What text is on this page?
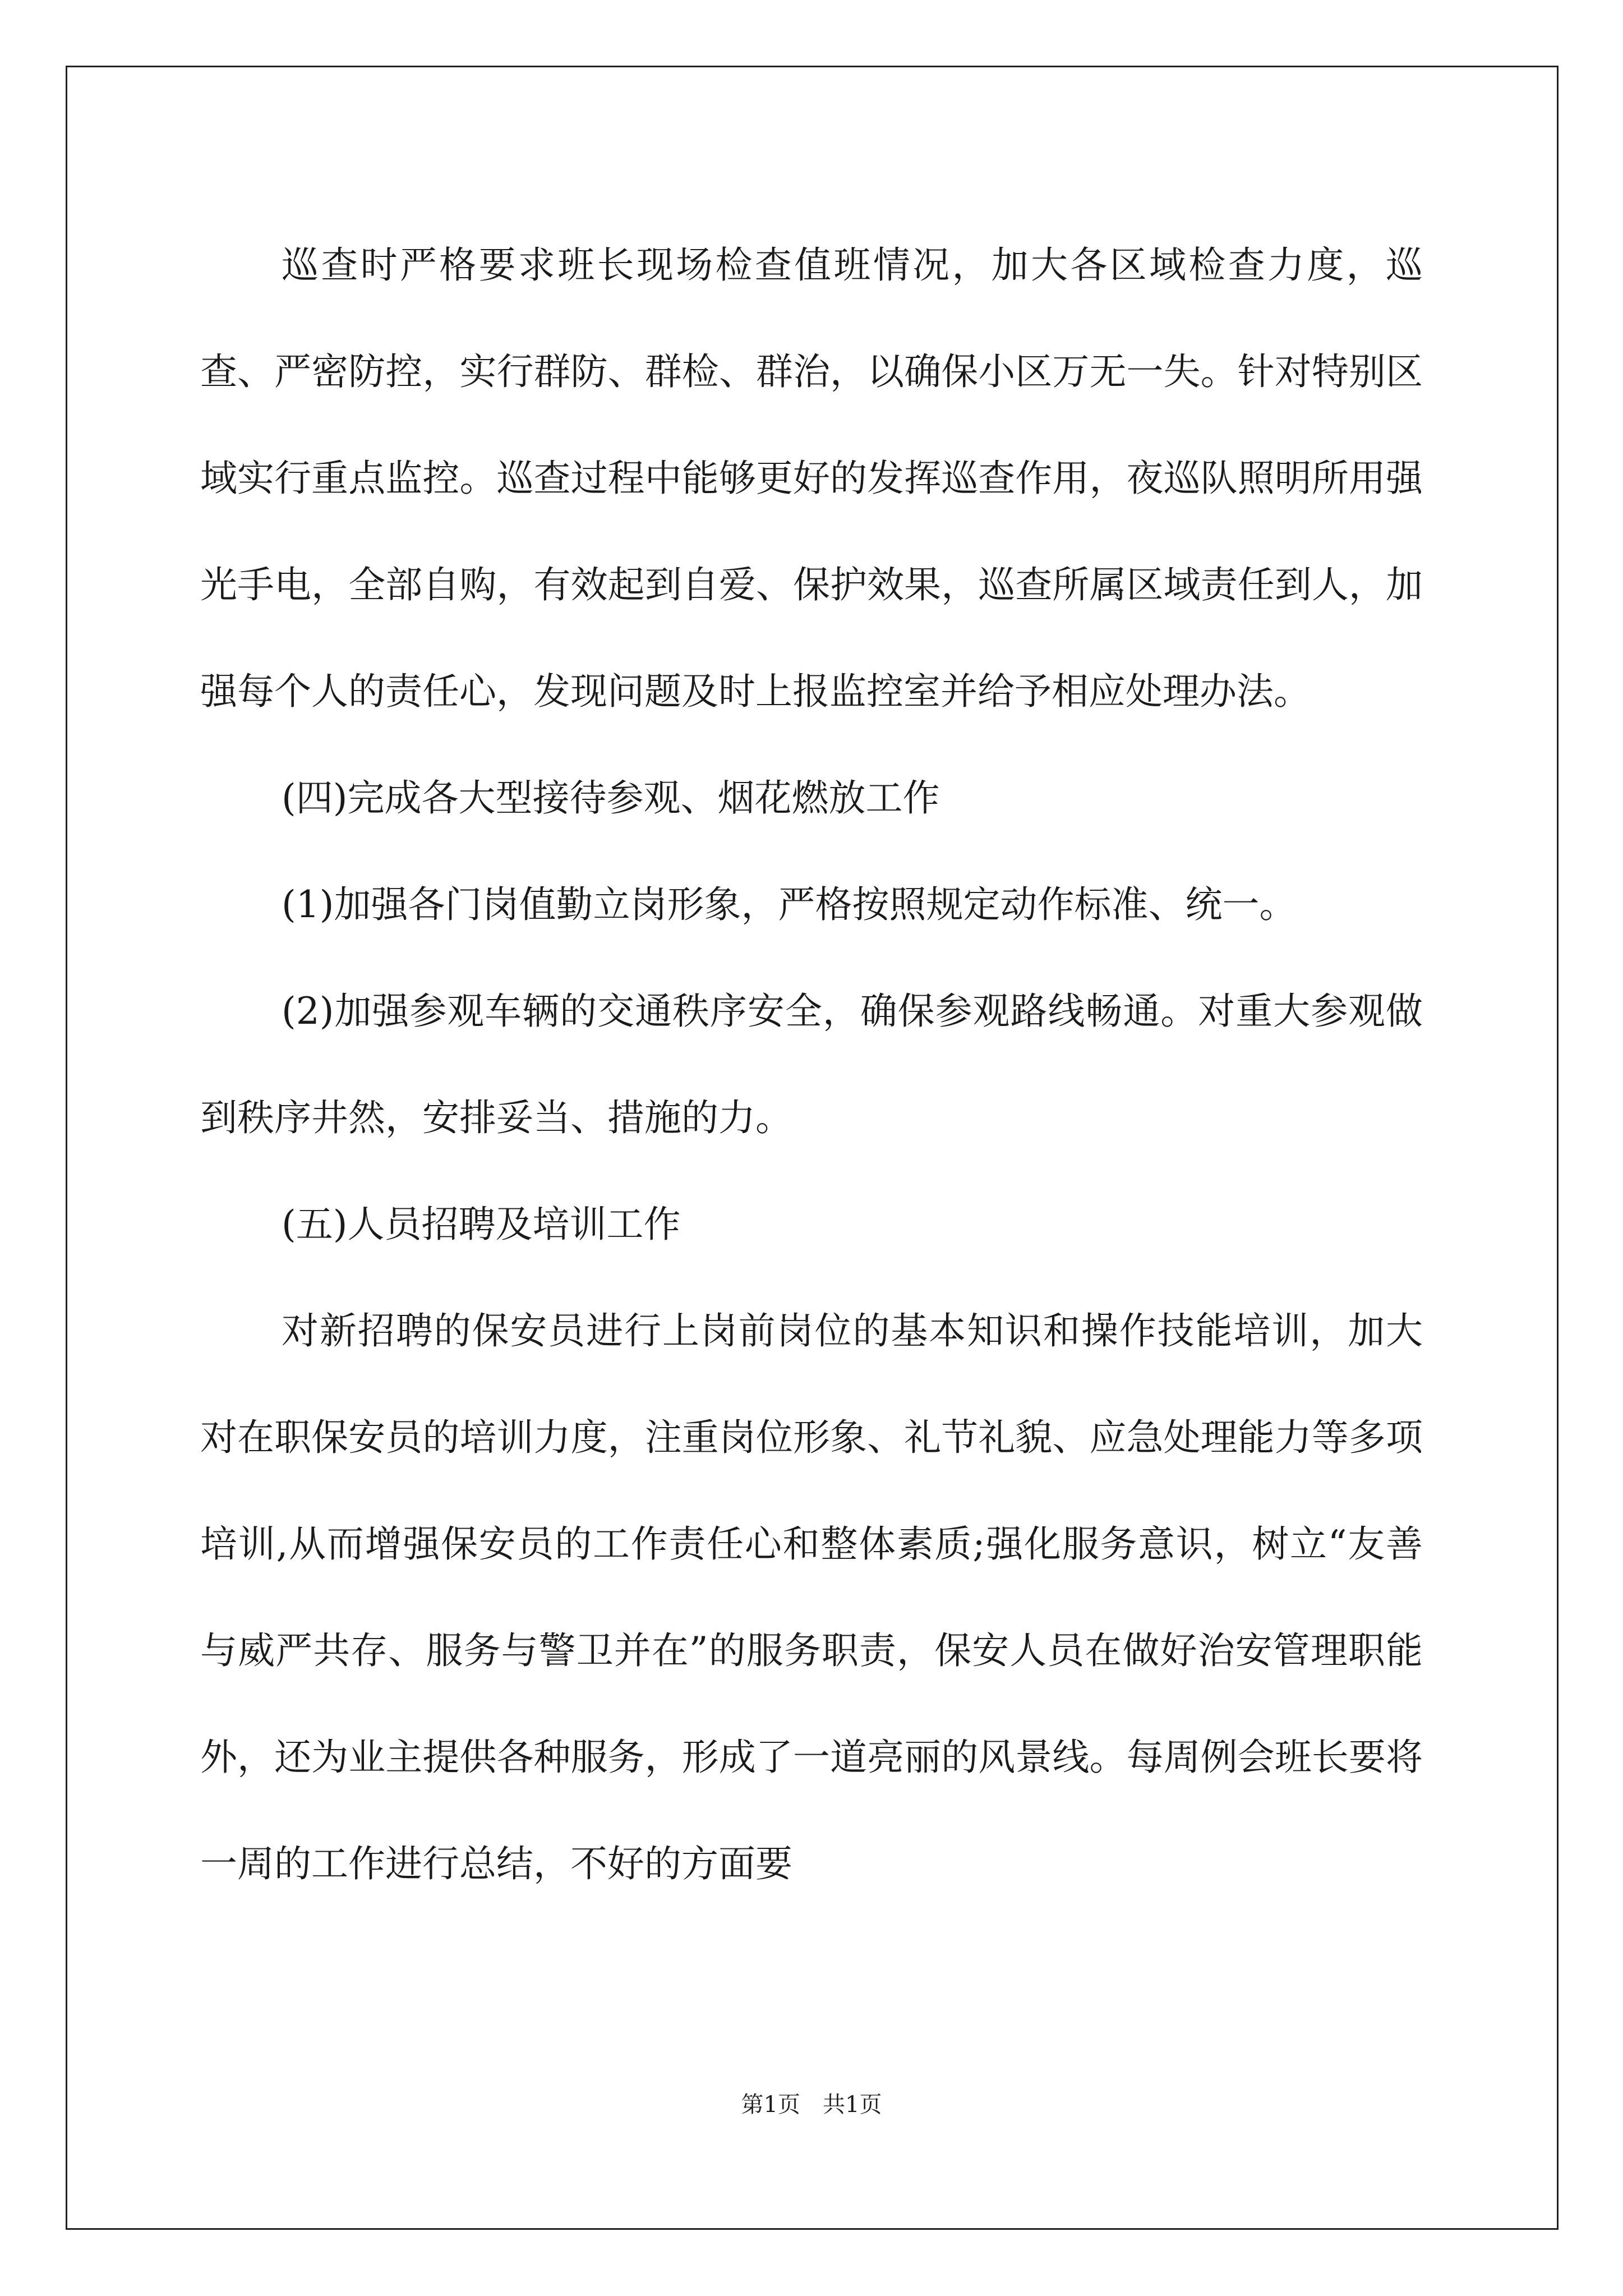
巡查时严格要求班长现场检查值班情况，加大各区域检查力度，巡查、严密防控，实行群防、群检、群治，以确保小区万无一失。针对特别区域实行重点监控。巡查过程中能够更好的发挥巡查作用，夜巡队照明所用强光手电，全部自购，有效起到自爱、保护效果，巡查所属区域责任到人，加强每个人的责任心，发现问题及时上报监控室并给予相应处理办法。

(四)完成各大型接待参观、烟花燃放工作

(1)加强各门岗值勤立岗形象，严格按照规定动作标准、统一。

(2)加强参观车辆的交通秩序安全，确保参观路线畅通。对重大参观做到秩序井然，安排妥当、措施的力。

(五)人员招聘及培训工作

对新招聘的保安员进行上岗前岗位的基本知识和操作技能培训，加大对在职保安员的培训力度，注重岗位形象、礼节礼貌、应急处理能力等多项培训,从而增强保安员的工作责任心和整体素质;强化服务意识，树立“友善与威严共存、服务与警卫并在”的服务职责，保安人员在做好治安管理职能外，还为业主提供各种服务，形成了一道亮丽的风景线。每周例会班长要将一周的工作进行总结，不好的方面要

第1页　共1页
